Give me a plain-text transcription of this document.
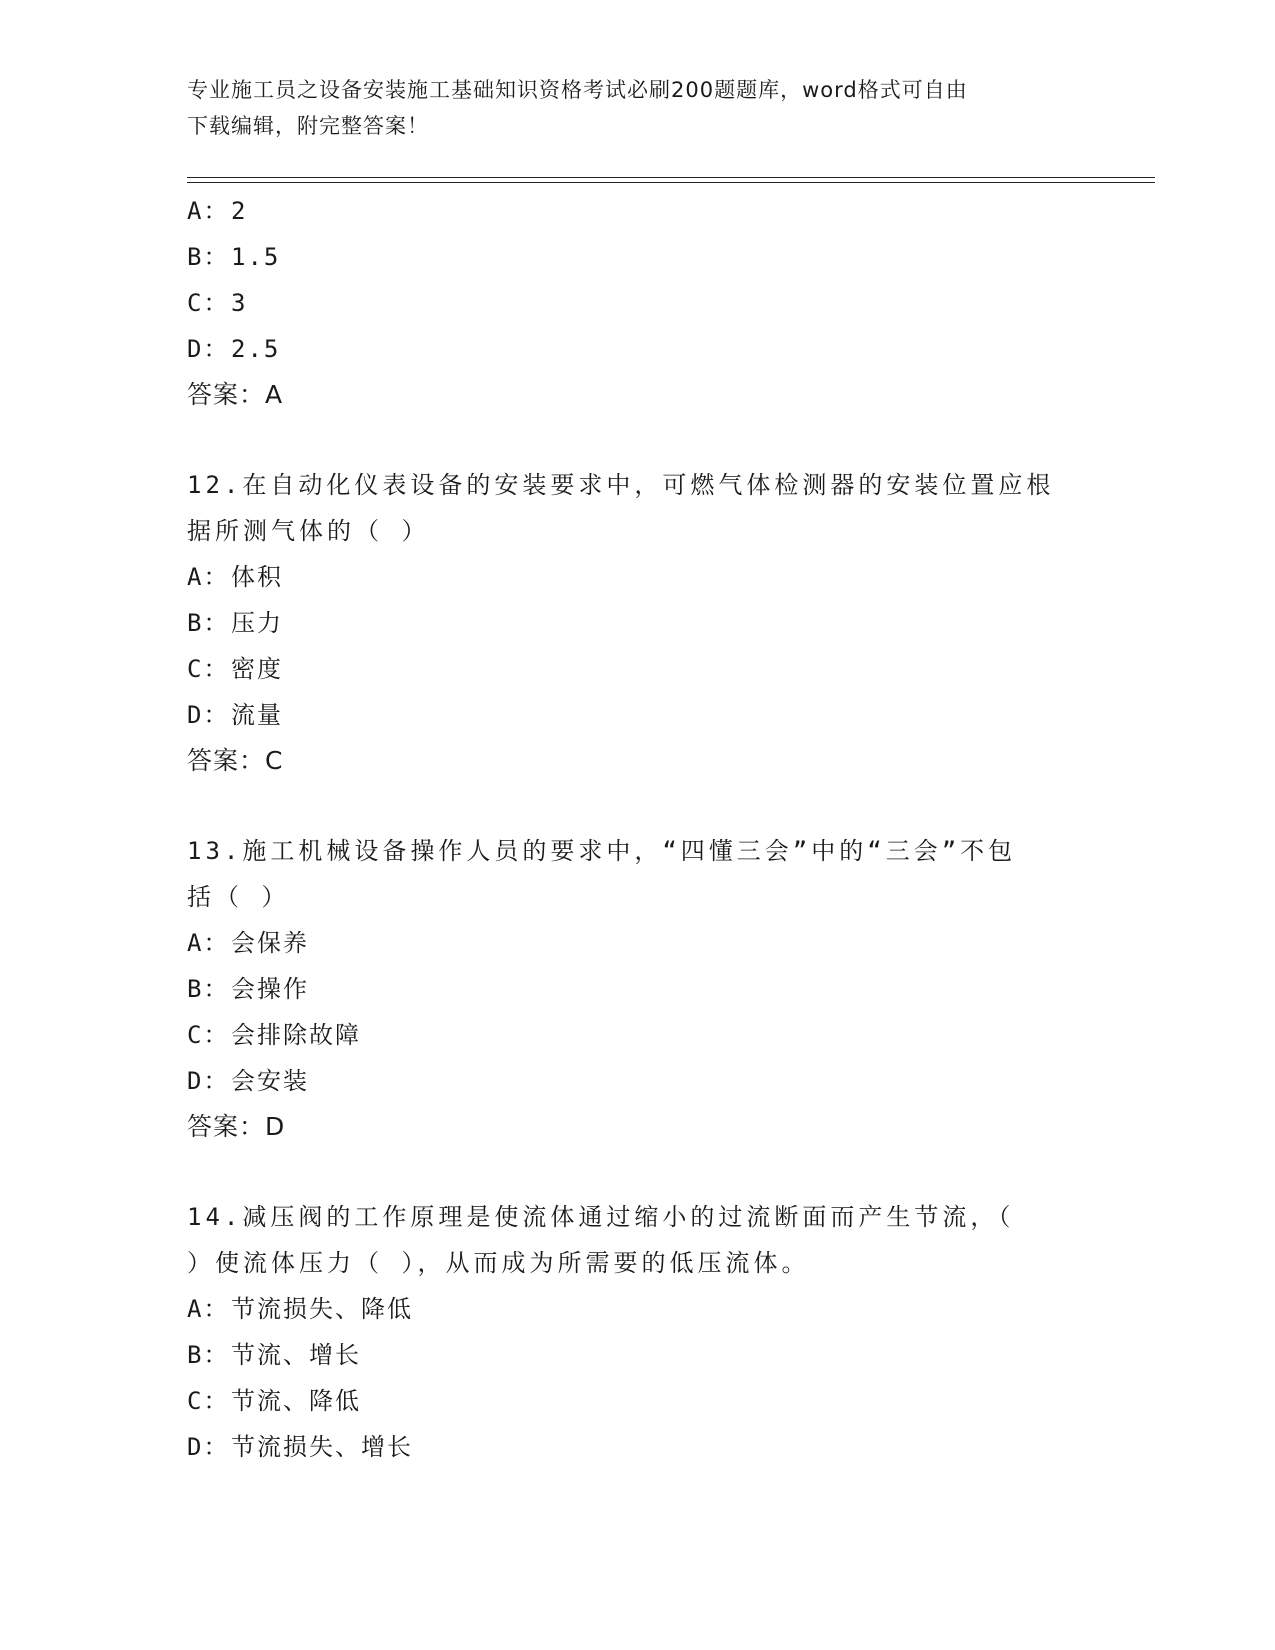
专业施工员之设备安装施工基础知识资格考试必刷200题题库，word格式可自由
下载编辑，附完整答案！
A：2
B：1.5
C：3
D：2.5
答案：A
12.在自动化仪表设备的安装要求中，可燃气体检测器的安装位置应根
据所测气体的（ ）
A：体积
B：压力
C：密度
D：流量
答案：C
13.施工机械设备操作人员的要求中，“四懂三会”中的“三会”不包
括（ ）
A：会保养
B：会操作
C：会排除故障
D：会安装
答案：D
14.减压阀的工作原理是使流体通过缩小的过流断面而产生节流，（
）使流体压力（ ），从而成为所需要的低压流体。
A：节流损失、降低
B：节流、增长
C：节流、降低
D：节流损失、增长
